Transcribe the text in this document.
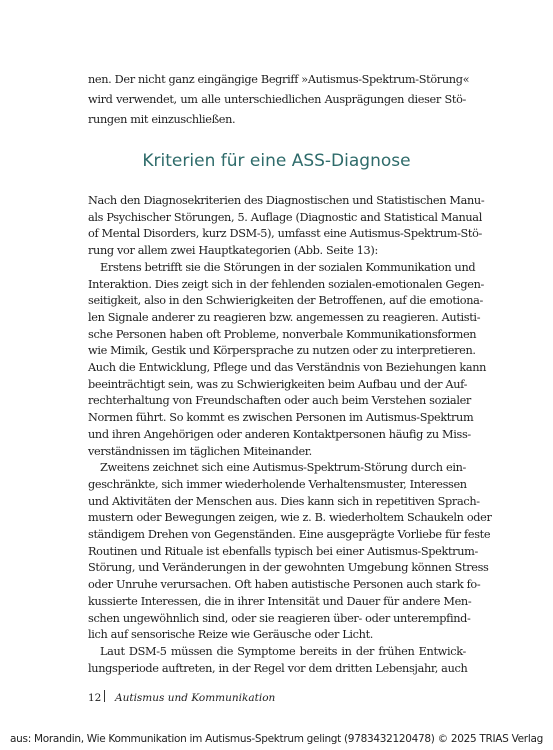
nen. Der nicht ganz eingängige Begriff »Autismus-Spektrum-Störung«
wird verwendet, um alle unterschiedlichen Ausprägungen dieser Stö-
rungen mit einzuschließen.
Kriterien für eine ASS-Diagnose
Nach den Diagnosekriterien des Diagnostischen und Statistischen Manu-
als Psychischer Störungen, 5. Auflage (Diagnostic and Statistical Manual
of Mental Disorders, kurz DSM-5), umfasst eine Autismus-Spektrum-Stö-
rung vor allem zwei Hauptkategorien (Abb. Seite 13):
Erstens betrifft sie die Störungen in der sozialen Kommunikation und
Interaktion. Dies zeigt sich in der fehlenden sozialen-emotionalen Gegen-
seitigkeit, also in den Schwierigkeiten der Betroffenen, auf die emotiona-
len Signale anderer zu reagieren bzw. angemessen zu reagieren. Autisti-
sche Personen haben oft Probleme, nonverbale Kommunikationsformen
wie Mimik, Gestik und Körpersprache zu nutzen oder zu interpretieren.
Auch die Entwicklung, Pflege und das Verständnis von Beziehungen kann
beeinträchtigt sein, was zu Schwierigkeiten beim Aufbau und der Auf-
rechterhaltung von Freundschaften oder auch beim Verstehen sozialer
Normen führt. So kommt es zwischen Personen im Autismus-Spektrum
und ihren Angehörigen oder anderen Kontaktpersonen häufig zu Miss-
verständnissen im täglichen Miteinander.
Zweitens zeichnet sich eine Autismus-Spektrum-Störung durch ein-
geschränkte, sich immer wiederholende Verhaltensmuster, Interessen
und Aktivitäten der Menschen aus. Dies kann sich in repetitiven Sprach-
mustern oder Bewegungen zeigen, wie z. B. wiederholtem Schaukeln oder
ständigem Drehen von Gegenständen. Eine ausgeprägte Vorliebe für feste
Routinen und Rituale ist ebenfalls typisch bei einer Autismus-Spektrum-
Störung, und Veränderungen in der gewohnten Umgebung können Stress
oder Unruhe verursachen. Oft haben autistische Personen auch stark fo-
kussierte Interessen, die in ihrer Intensität und Dauer für andere Men-
schen ungewöhnlich sind, oder sie reagieren über- oder unterempfind-
lich auf sensorische Reize wie Geräusche oder Licht.
Laut DSM-5 müssen die Symptome bereits in der frühen Entwick-
lungsperiode auftreten, in der Regel vor dem dritten Lebensjahr, auch
12 Autismus und Kommunikation
aus: Morandin, Wie Kommunikation im Autismus-Spektrum gelingt (9783432120478) © 2025 TRIAS Verlag
